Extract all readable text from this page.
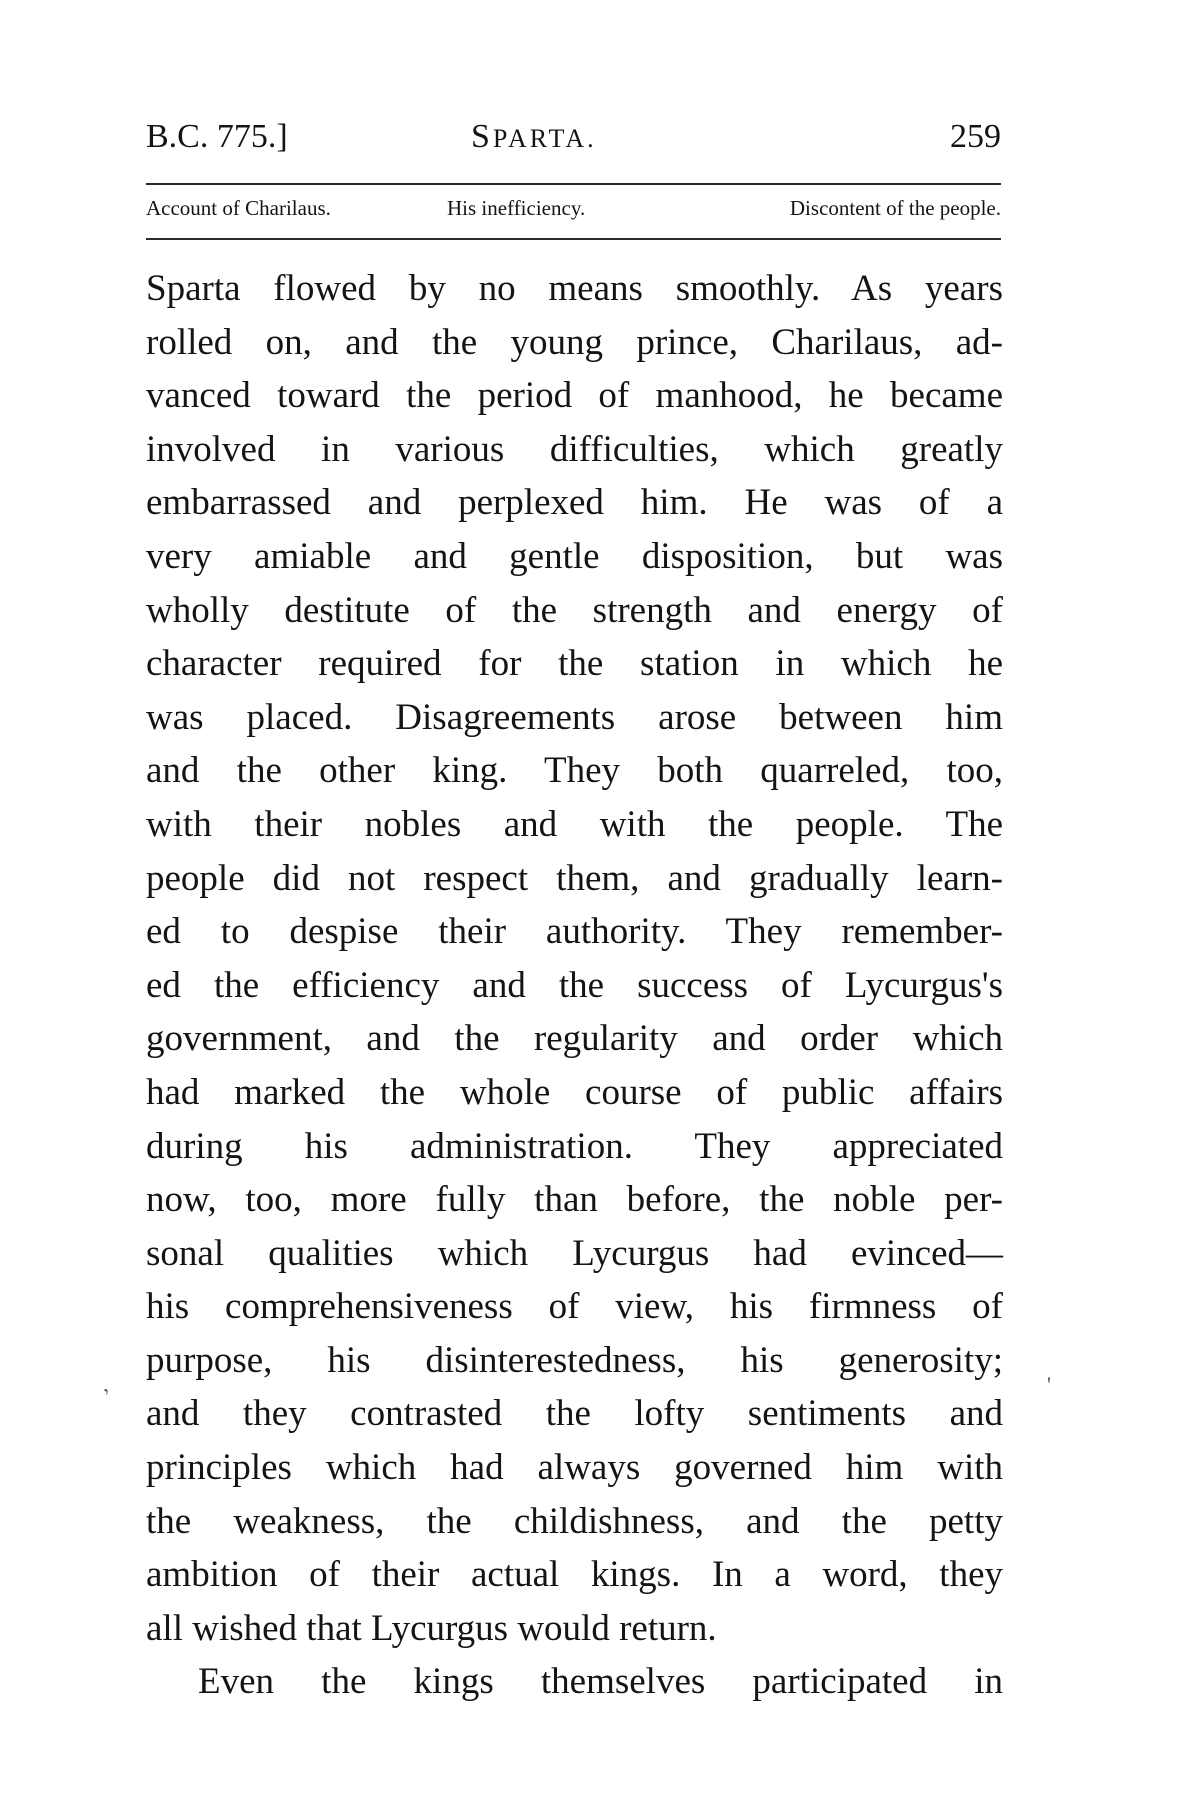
B.C. 775.]	SPARTA.	259
Account of Charilaus.	His inefficiency.	Discontent of the people.
Sparta flowed by no means smoothly. As years
rolled on, and the young prince, Charilaus, ad-
vanced toward the period of manhood, he became
involved in various difficulties, which greatly
embarrassed and perplexed him. He was of a
very amiable and gentle disposition, but was
wholly destitute of the strength and energy of
character required for the station in which he
was placed. Disagreements arose between him
and the other king. They both quarreled, too,
with their nobles and with the people. The
people did not respect them, and gradually learn-
ed to despise their authority. They remember-
ed the efficiency and the success of Lycurgus's
government, and the regularity and order which
had marked the whole course of public affairs
during his administration. They appreciated
now, too, more fully than before, the noble per-
sonal qualities which Lycurgus had evinced—
his comprehensiveness of view, his firmness of
purpose, his disinterestedness, his generosity;
and they contrasted the lofty sentiments and
principles which had always governed him with
the weakness, the childishness, and the petty
ambition of their actual kings. In a word, they
all wished that Lycurgus would return.
Even the kings themselves participated in
,	'
